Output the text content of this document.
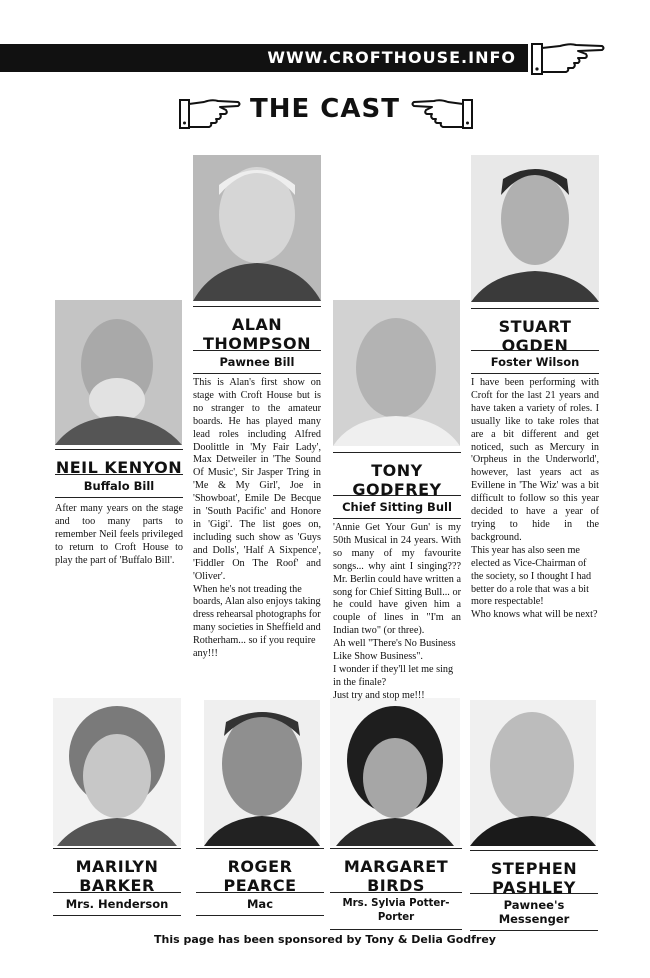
WWW.CROFTHOUSE.INFO
THE CAST
ALAN
THOMPSON
Pawnee Bill

This is Alan's first show on stage with Croft House but is no stranger to the amateur boards. He has played many lead roles including Alfred Doolittle in 'My Fair Lady', Max Detweiler in 'The Sound Of Music', Sir Jasper Tring in 'Me & My Girl', Joe in 'Showboat', Emile De Becque in 'South Pacific' and Honore in 'Gigi'. The list goes on, including such show as 'Guys and Dolls', 'Half A Sixpence', 'Fiddler On The Roof' and 'Oliver'.

When he's not treading the boards, Alan also enjoys taking dress rehearsal photographs for many societies in Sheffield and Rotherham... so if you require any!!!

NEIL KENYON
Buffalo Bill

After many years on the stage and too many parts to remember Neil feels privileged to return to Croft House to play the part of 'Buffalo Bill'.

TONY
GODFREY
Chief Sitting Bull

'Annie Get Your Gun' is my 50th Musical in 24 years. With so many of my favourite songs... why aint I singing??? Mr. Berlin could have written a song for Chief Sitting Bull... or he could have given him a couple of lines in "I'm an Indian two" (or three).

Ah well "There's No Business Like Show Business".

I wonder if they'll let me sing in the finale?

Just try and stop me!!!

STUART
OGDEN
Foster Wilson

I have been performing with Croft for the last 21 years and have taken a variety of roles. I usually like to take roles that are a bit different and get noticed, such as Mercury in 'Orpheus in the Underworld', however, last years act as Evillene in 'The Wiz' was a bit difficult to follow so this year decided to have a year of trying to hide in the background.

This year has also seen me elected as Vice-Chairman of the society, so I thought I had better do a role that was a bit more respectable!

Who knows what will be next?

MARILYN
BARKER
Mrs. Henderson
ROGER
PEARCE
Mac
MARGARET
BIRDS
Mrs. Sylvia Potter-Porter
STEPHEN
PASHLEY
Pawnee's Messenger
This page has been sponsored by Tony & Delia Godfrey
